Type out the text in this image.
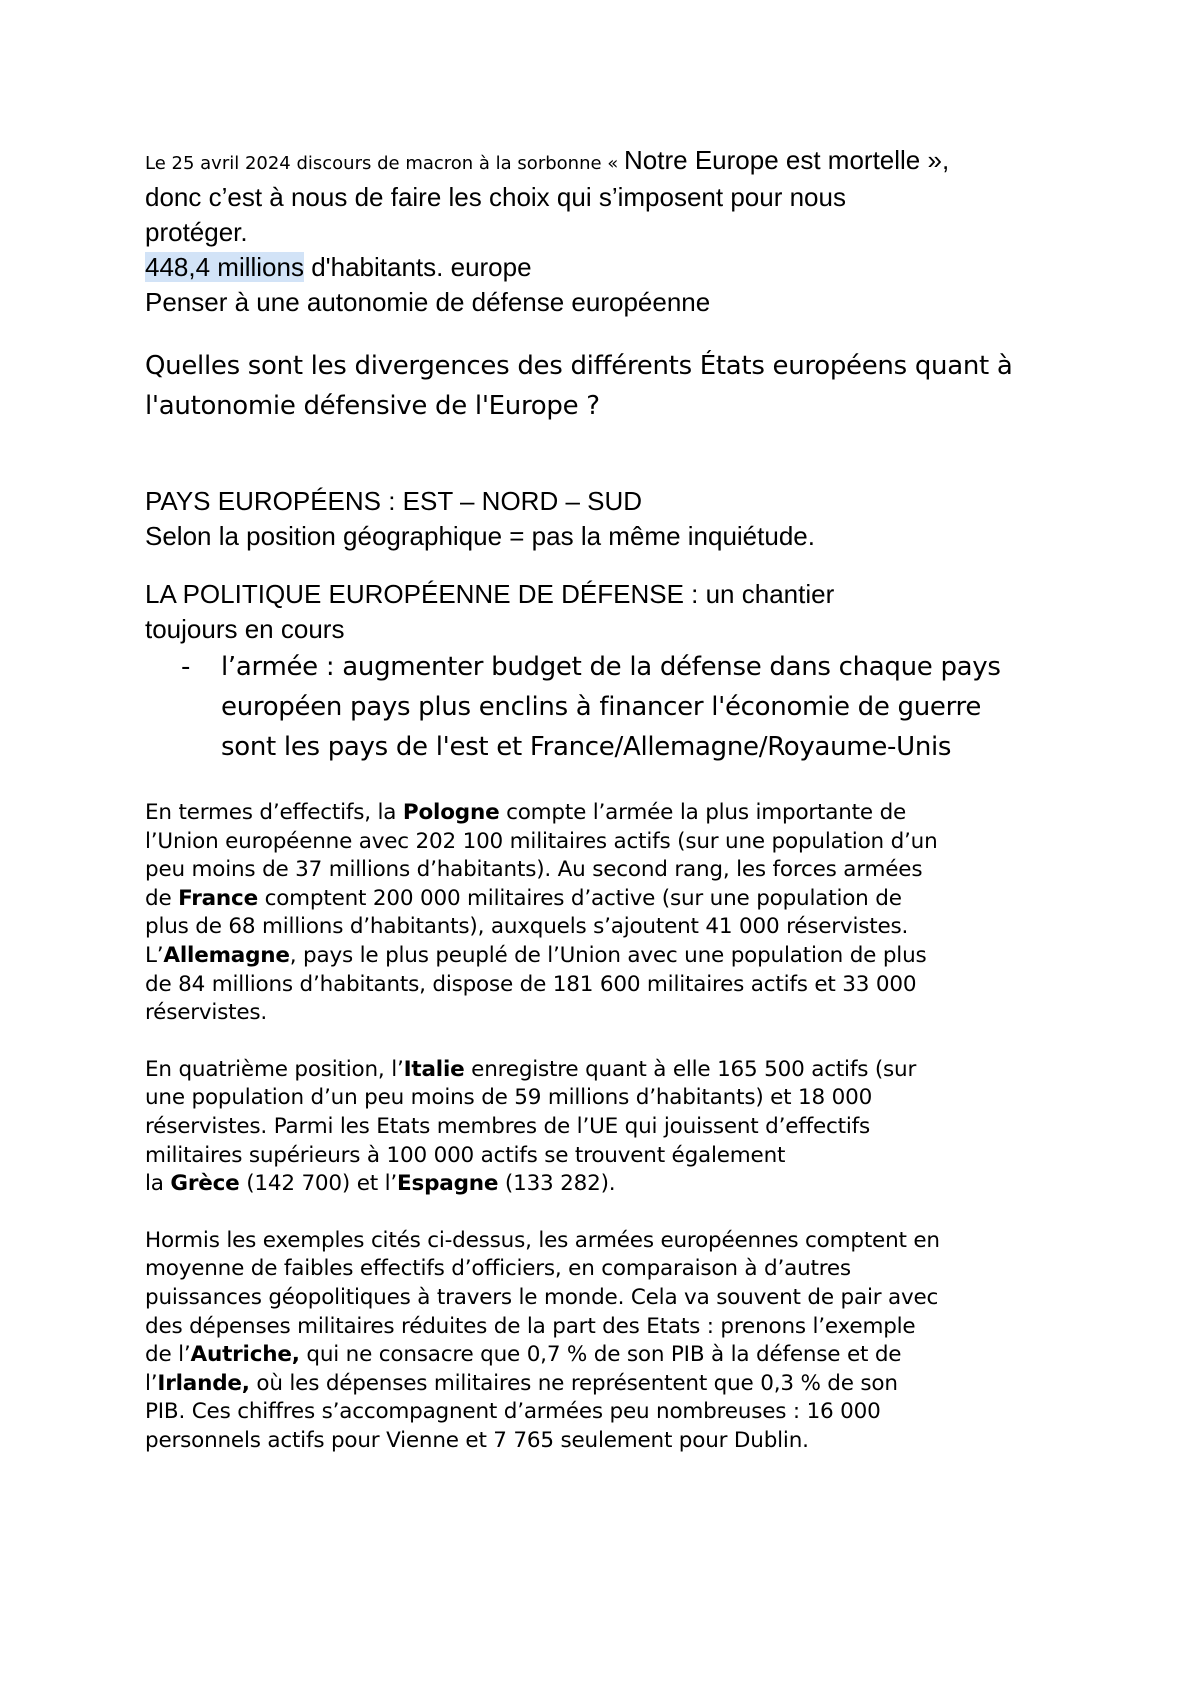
Le 25 avril 2024 discours de macron à la sorbonne « Notre Europe est mortelle »,

donc c’est à nous de faire les choix qui s’imposent pour nous

protéger.

448,4 millions d'habitants. europe

Penser à une autonomie de défense européenne

Quelles sont les divergences des différents États européens quant à

l'autonomie défensive de l'Europe ?

PAYS EUROPÉENS : EST – NORD – SUD

Selon la position géographique = pas la même inquiétude.

LA POLITIQUE EUROPÉENNE DE DÉFENSE : un chantier

toujours en cours

-	l’armée : augmenter budget de la défense dans chaque pays

européen pays plus enclins à financer l'économie de guerre

sont les pays de l'est et France/Allemagne/Royaume-Unis

En termes d’effectifs, la Pologne compte l’armée la plus importante de

l’Union européenne avec 202 100 militaires actifs (sur une population d’un

peu moins de 37 millions d’habitants). Au second rang, les forces armées

de France comptent 200 000 militaires d’active (sur une population de

plus de 68 millions d’habitants), auxquels s’ajoutent 41 000 réservistes.

L’Allemagne, pays le plus peuplé de l’Union avec une population de plus

de 84 millions d’habitants, dispose de 181 600 militaires actifs et 33 000

réservistes.

En quatrième position, l’Italie enregistre quant à elle 165 500 actifs (sur

une population d’un peu moins de 59 millions d’habitants) et 18 000

réservistes. Parmi les Etats membres de l’UE qui jouissent d’effectifs

militaires supérieurs à 100 000 actifs se trouvent également

la Grèce (142 700) et l’Espagne (133 282).

Hormis les exemples cités ci-dessus, les armées européennes comptent en

moyenne de faibles effectifs d’officiers, en comparaison à d’autres

puissances géopolitiques à travers le monde. Cela va souvent de pair avec

des dépenses militaires réduites de la part des Etats : prenons l’exemple

de l’Autriche, qui ne consacre que 0,7 % de son PIB à la défense et de

l’Irlande, où les dépenses militaires ne représentent que 0,3 % de son

PIB. Ces chiffres s’accompagnent d’armées peu nombreuses : 16 000

personnels actifs pour Vienne et 7 765 seulement pour Dublin.
